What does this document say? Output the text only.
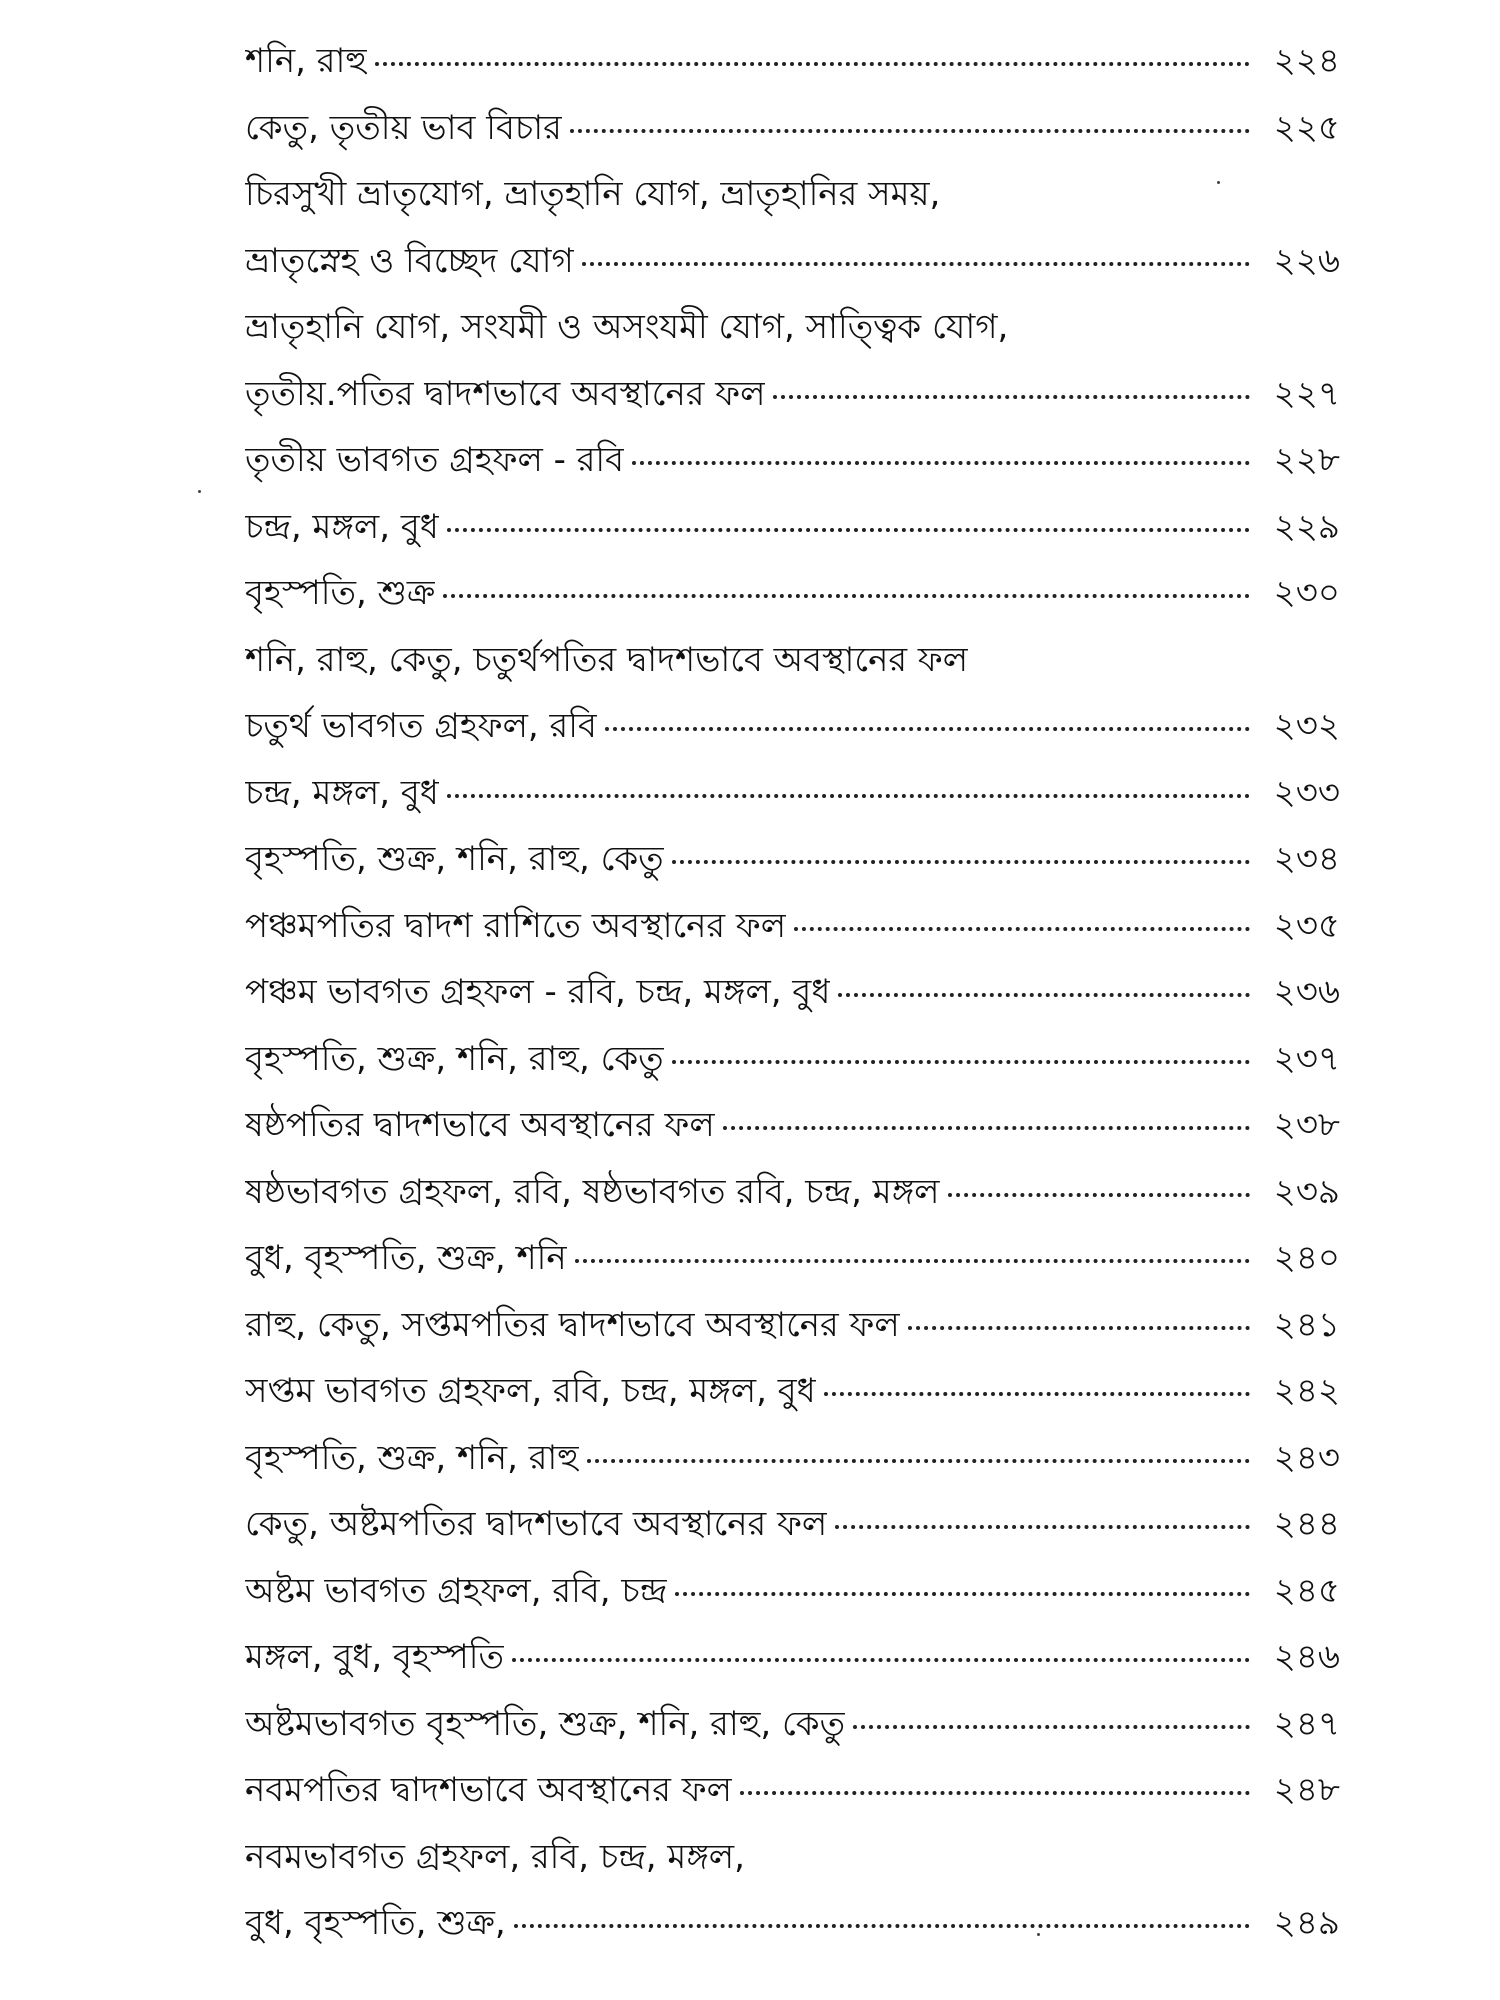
শনি, রাহু	২২৪
কেতু, তৃতীয় ভাব বিচার	২২৫
চিরসুখী ভ্রাতৃযোগ, ভ্রাতৃহানি যোগ, ভ্রাতৃহানির সময়,
ভ্রাতৃস্নেহ ও বিচ্ছেদ যোগ	২২৬
ভ্রাতৃহানি যোগ, সংযমী ও অসংযমী যোগ, সাত্ত্বিক যোগ,
তৃতীয়.পতির দ্বাদশভাবে অবস্থানের ফল	২২৭
তৃতীয় ভাবগত গ্রহফল - রবি	২২৮
চন্দ্র, মঙ্গল, বুধ	২২৯
বৃহস্পতি, শুক্র	২৩০
শনি, রাহু, কেতু, চতুর্থপতির দ্বাদশভাবে অবস্থানের ফল
চতুর্থ ভাবগত গ্রহফল, রবি	২৩২
চন্দ্র, মঙ্গল, বুধ	২৩৩
বৃহস্পতি, শুক্র, শনি, রাহু, কেতু	২৩৪
পঞ্চমপতির দ্বাদশ রাশিতে অবস্থানের ফল	২৩৫
পঞ্চম ভাবগত গ্রহফল - রবি, চন্দ্র, মঙ্গল, বুধ	২৩৬
বৃহস্পতি, শুক্র, শনি, রাহু, কেতু	২৩৭
ষষ্ঠপতির দ্বাদশভাবে অবস্থানের ফল	২৩৮
ষষ্ঠভাবগত গ্রহফল, রবি, ষষ্ঠভাবগত রবি, চন্দ্র, মঙ্গল	২৩৯
বুধ, বৃহস্পতি, শুক্র, শনি	২৪০
রাহু, কেতু, সপ্তমপতির দ্বাদশভাবে অবস্থানের ফল	২৪১
সপ্তম ভাবগত গ্রহফল, রবি, চন্দ্র, মঙ্গল, বুধ	২৪২
বৃহস্পতি, শুক্র, শনি, রাহু	২৪৩
কেতু, অষ্টমপতির দ্বাদশভাবে অবস্থানের ফল	২৪৪
অষ্টম ভাবগত গ্রহফল, রবি, চন্দ্র	২৪৫
মঙ্গল, বুধ, বৃহস্পতি	২৪৬
অষ্টমভাবগত বৃহস্পতি, শুক্র, শনি, রাহু, কেতু	২৪৭
নবমপতির দ্বাদশভাবে অবস্থানের ফল	২৪৮
নবমভাবগত গ্রহফল, রবি, চন্দ্র, মঙ্গল,
বুধ, বৃহস্পতি, শুক্র,	২৪৯
